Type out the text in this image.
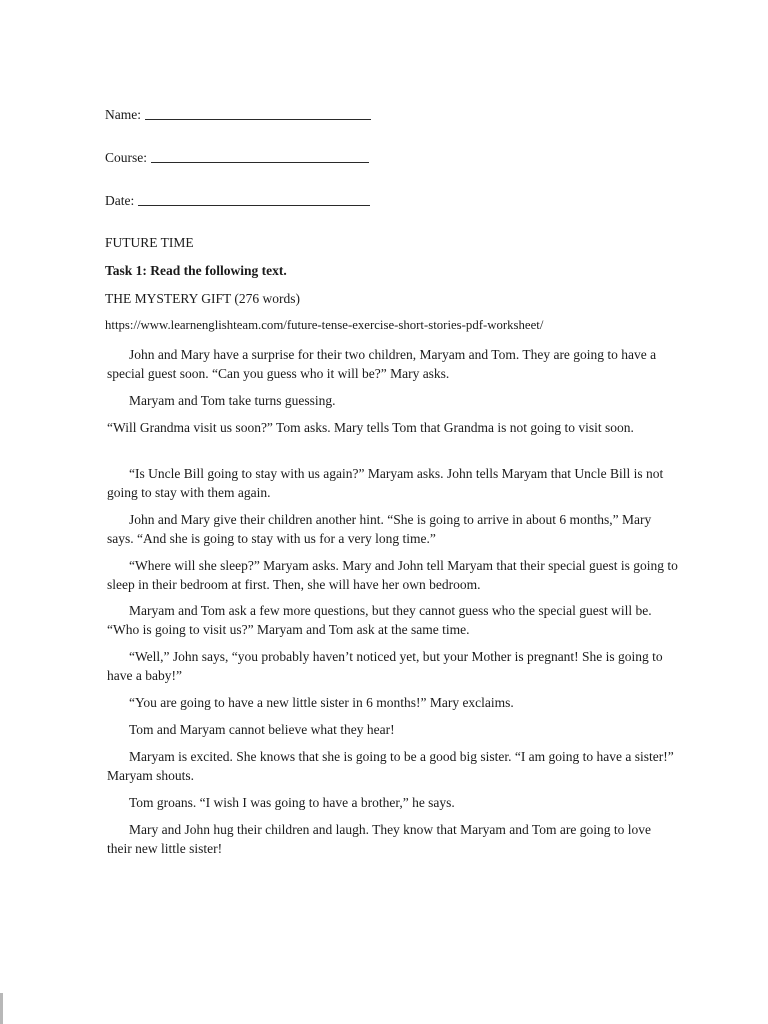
Name:
Course:
Date:
FUTURE TIME
Task 1: Read the following text.
THE MYSTERY GIFT (276 words)
https://www.learnenglishteam.com/future-tense-exercise-short-stories-pdf-worksheet/
John and Mary have a surprise for their two children, Maryam and Tom. They are going to have a special guest soon. “Can you guess who it will be?” Mary asks.
Maryam and Tom take turns guessing.
“Will Grandma visit us soon?” Tom asks. Mary tells Tom that Grandma is not going to visit soon.
“Is Uncle Bill going to stay with us again?” Maryam asks. John tells Maryam that Uncle Bill is not going to stay with them again.
John and Mary give their children another hint. “She is going to arrive in about 6 months,” Mary says. “And she is going to stay with us for a very long time.”
“Where will she sleep?” Maryam asks. Mary and John tell Maryam that their special guest is going to sleep in their bedroom at first. Then, she will have her own bedroom.
Maryam and Tom ask a few more questions, but they cannot guess who the special guest will be. “Who is going to visit us?” Maryam and Tom ask at the same time.
“Well,” John says, “you probably haven’t noticed yet, but your Mother is pregnant! She is going to have a baby!”
“You are going to have a new little sister in 6 months!” Mary exclaims.
Tom and Maryam cannot believe what they hear!
Maryam is excited. She knows that she is going to be a good big sister. “I am going to have a sister!” Maryam shouts.
Tom groans. “I wish I was going to have a brother,” he says.
Mary and John hug their children and laugh. They know that Maryam and Tom are going to love their new little sister!
